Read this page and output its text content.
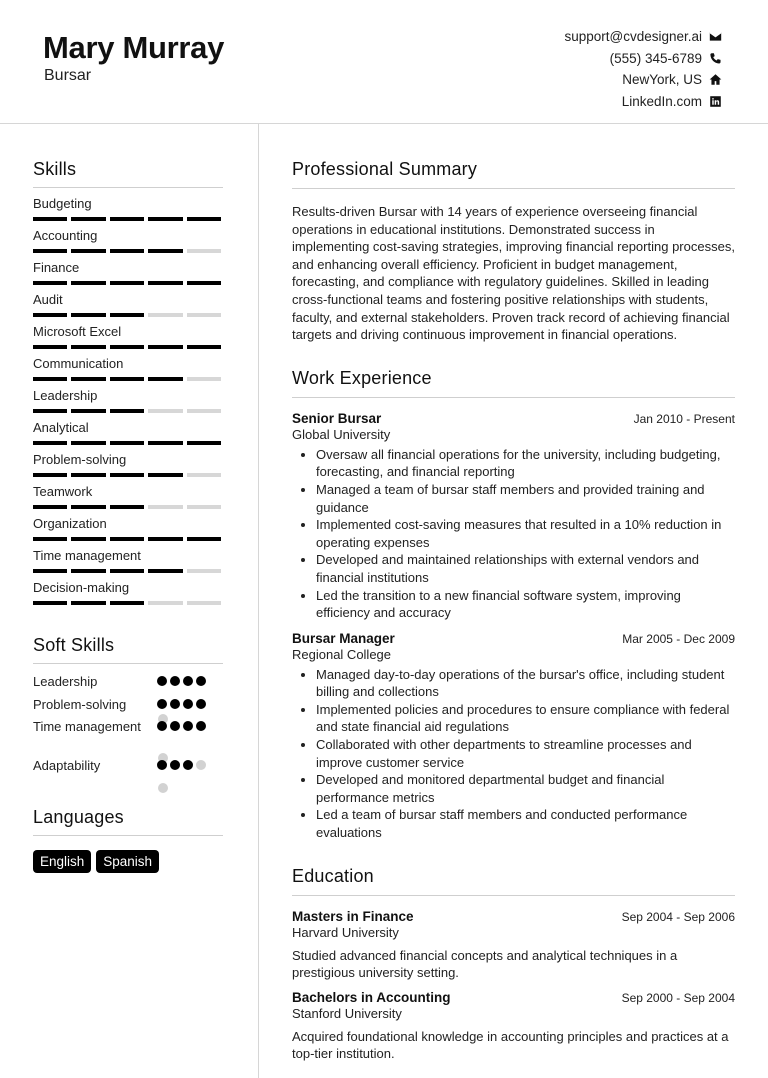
Mary Murray
Bursar
support@cvdesigner.ai
(555) 345-6789
NewYork, US
LinkedIn.com
Skills
Budgeting
Accounting
Finance
Audit
Microsoft Excel
Communication
Leadership
Analytical
Problem-solving
Teamwork
Organization
Time management
Decision-making
Soft Skills
Leadership
Problem-solving
Time management
Adaptability
Languages
English	Spanish
Professional Summary
Results-driven Bursar with 14 years of experience overseeing financial operations in educational institutions. Demonstrated success in implementing cost-saving strategies, improving financial reporting processes, and enhancing overall efficiency. Proficient in budget management, forecasting, and compliance with regulatory guidelines. Skilled in leading cross-functional teams and fostering positive relationships with students, faculty, and external stakeholders. Proven track record of achieving financial targets and driving continuous improvement in financial operations.
Work Experience
Senior Bursar	Jan 2010 - Present
Global University
• Oversaw all financial operations for the university, including budgeting, forecasting, and financial reporting
• Managed a team of bursar staff members and provided training and guidance
• Implemented cost-saving measures that resulted in a 10% reduction in operating expenses
• Developed and maintained relationships with external vendors and financial institutions
• Led the transition to a new financial software system, improving efficiency and accuracy
Bursar Manager	Mar 2005 - Dec 2009
Regional College
• Managed day-to-day operations of the bursar's office, including student billing and collections
• Implemented policies and procedures to ensure compliance with federal and state financial aid regulations
• Collaborated with other departments to streamline processes and improve customer service
• Developed and monitored departmental budget and financial performance metrics
• Led a team of bursar staff members and conducted performance evaluations
Education
Masters in Finance	Sep 2004 - Sep 2006
Harvard University
Studied advanced financial concepts and analytical techniques in a prestigious university setting.
Bachelors in Accounting	Sep 2000 - Sep 2004
Stanford University
Acquired foundational knowledge in accounting principles and practices at a top-tier institution.
